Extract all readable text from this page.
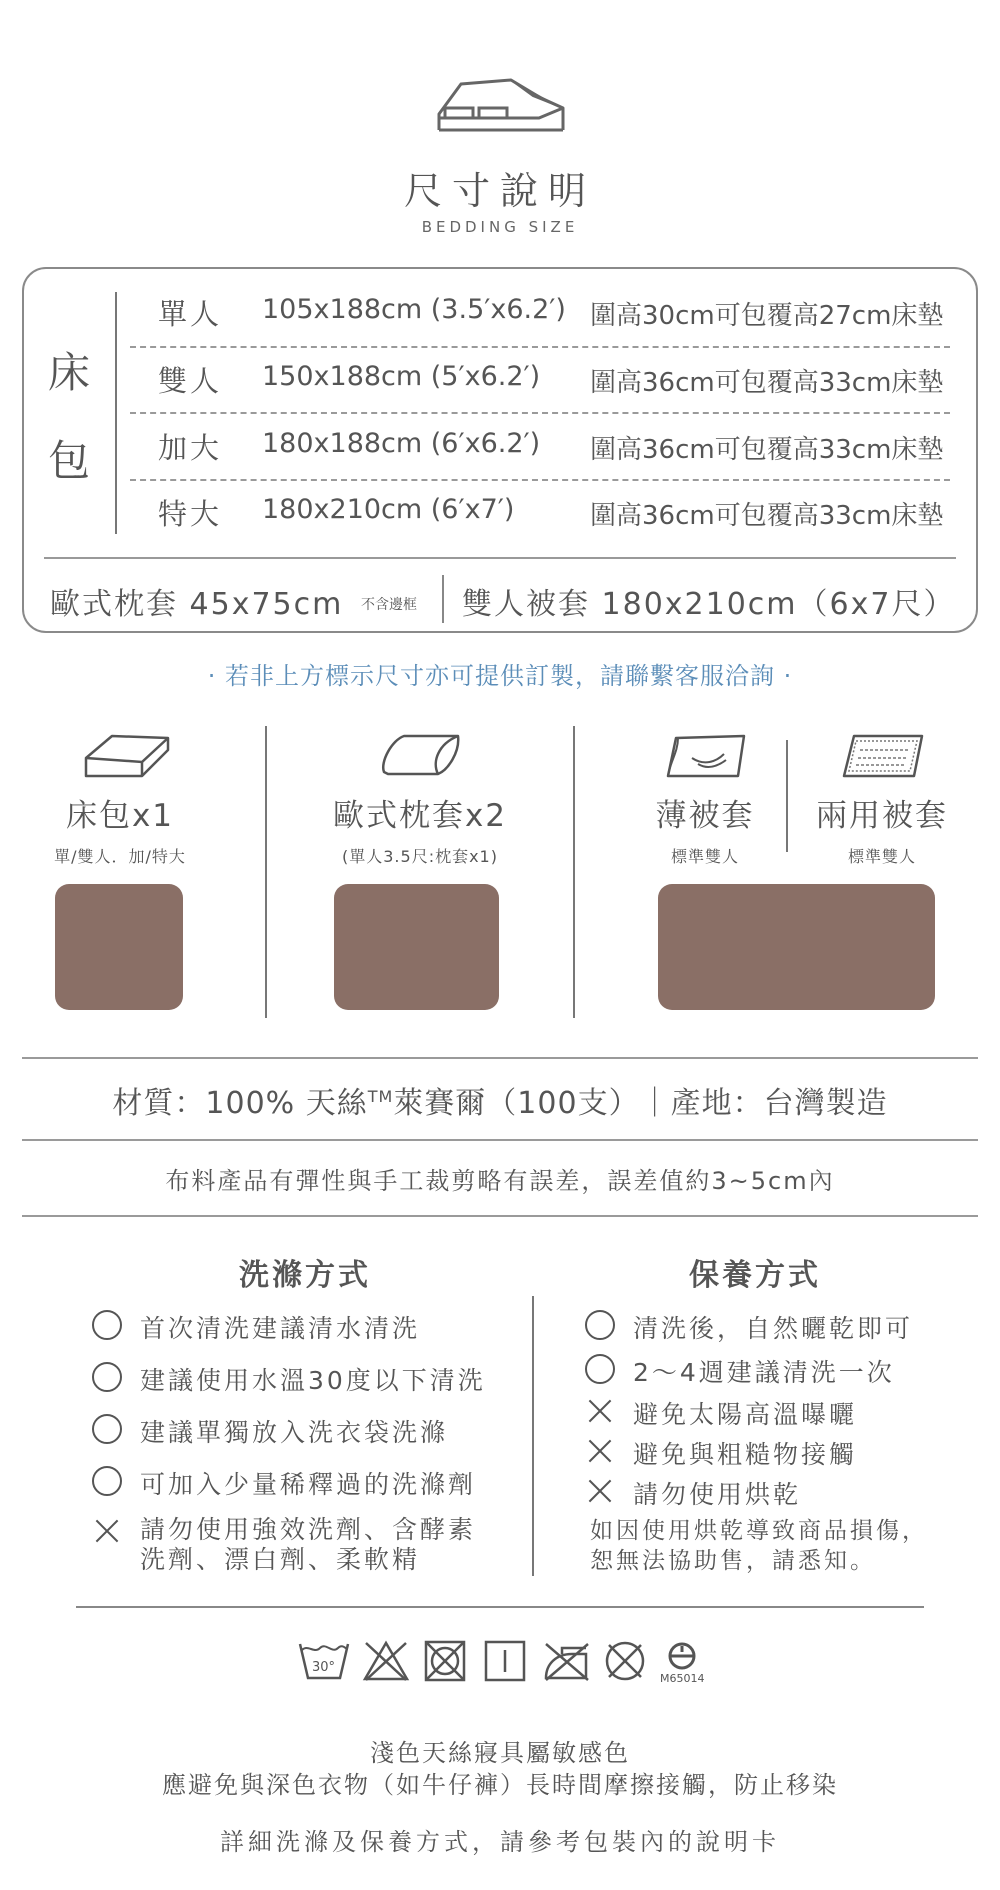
尺寸說明
BEDDING SIZE
床
包
單人 105x188cm (3.5′x6.2′) 圍高30cm可包覆高27cm床墊
雙人 150x188cm (5′x6.2′) 圍高36cm可包覆高33cm床墊
加大 180x188cm (6′x6.2′) 圍高36cm可包覆高33cm床墊
特大 180x210cm (6′x7′)	圍高36cm可包覆高33cm床墊
歐式枕套 45x75cm 不含邊框 雙人被套 180x210cm（6x7尺）
· 若非上方標示尺寸亦可提供訂製，請聯繫客服洽詢 ·
床包x1
單/雙人．加/特大
歐式枕套x2
(單人3.5尺:枕套x1)
薄被套
標準雙人
兩用被套
標準雙人
材質：100% 天絲™萊賽爾（100支）｜產地：台灣製造
布料產品有彈性與手工裁剪略有誤差，誤差值約3~5cm內
洗滌方式	保養方式
首次清洗建議清水清洗
建議使用水溫30度以下清洗
建議單獨放入洗衣袋洗滌
可加入少量稀釋過的洗滌劑
請勿使用強效洗劑、含酵素
洗劑、漂白劑、柔軟精
清洗後，自然曬乾即可
2～4週建議清洗一次
避免太陽高溫曝曬
避免與粗糙物接觸
請勿使用烘乾
如因使用烘乾導致商品損傷，
恕無法協助售，請悉知。
30°
M65014
淺色天絲寢具屬敏感色
應避免與深色衣物（如牛仔褲）長時間摩擦接觸，防止移染
詳細洗滌及保養方式，請參考包裝內的說明卡
